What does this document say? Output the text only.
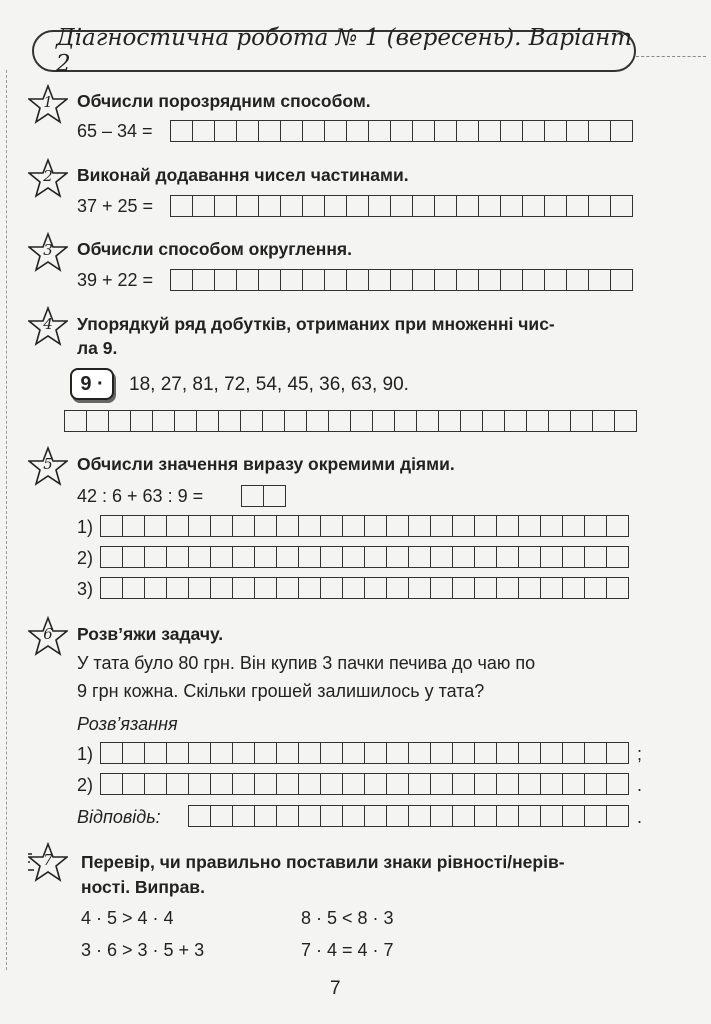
Діагностична робота № 1 (вересень). Варіант 2
1	Обчисли порозрядним способом.
65 – 34 =
2	Виконай додавання чисел частинами.
37 + 25 =
3	Обчисли способом округлення.
39 + 22 =
4	Упорядкуй ряд добутків, отриманих при множенні чис-
ла 9.
9 ·	18, 27, 81, 72, 54, 45, 36, 63, 90.
5	Обчисли значення виразу окремими діями.
42 : 6 + 63 : 9 =
1)
2)
3)
6	Розв’яжи задачу.
У тата було 80 грн. Він купив 3 пачки печива до чаю по
9 грн кожна. Скільки грошей залишилось у тата?
Розв’язання
1)	;
2)	.
Відповідь:	.
7	Перевір, чи правильно поставили знаки рівності/нерів-
ності. Виправ.
4 · 5 > 4 · 4	8 · 5 < 8 · 3
3 · 6 > 3 · 5 + 3	7 · 4 = 4 · 7
7
